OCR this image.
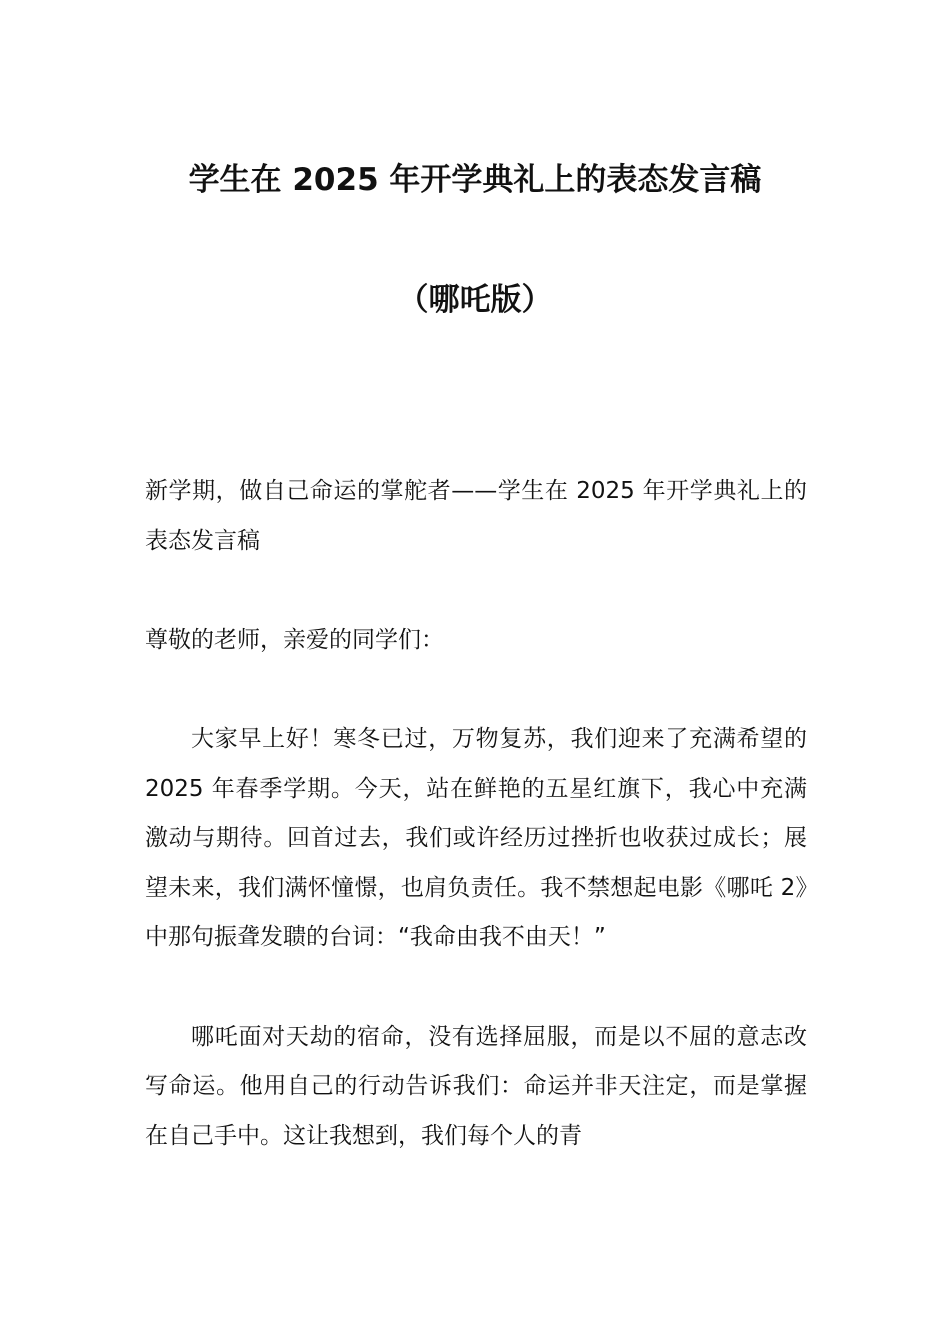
学生在 2025 年开学典礼上的表态发言稿
（哪吒版）

新学期，做自己命运的掌舵者——学生在 2025 年开学典礼上的表态发言稿

尊敬的老师，亲爱的同学们：

大家早上好！寒冬已过，万物复苏，我们迎来了充满希望的 2025 年春季学期。今天，站在鲜艳的五星红旗下，我心中充满激动与期待。回首过去，我们或许经历过挫折也收获过成长；展望未来，我们满怀憧憬，也肩负责任。我不禁想起电影《哪吒 2》中那句振聋发聩的台词：“我命由我不由天！”

哪吒面对天劫的宿命，没有选择屈服，而是以不屈的意志改写命运。他用自己的行动告诉我们：命运并非天注定，而是掌握在自己手中。这让我想到，我们每个人的青
